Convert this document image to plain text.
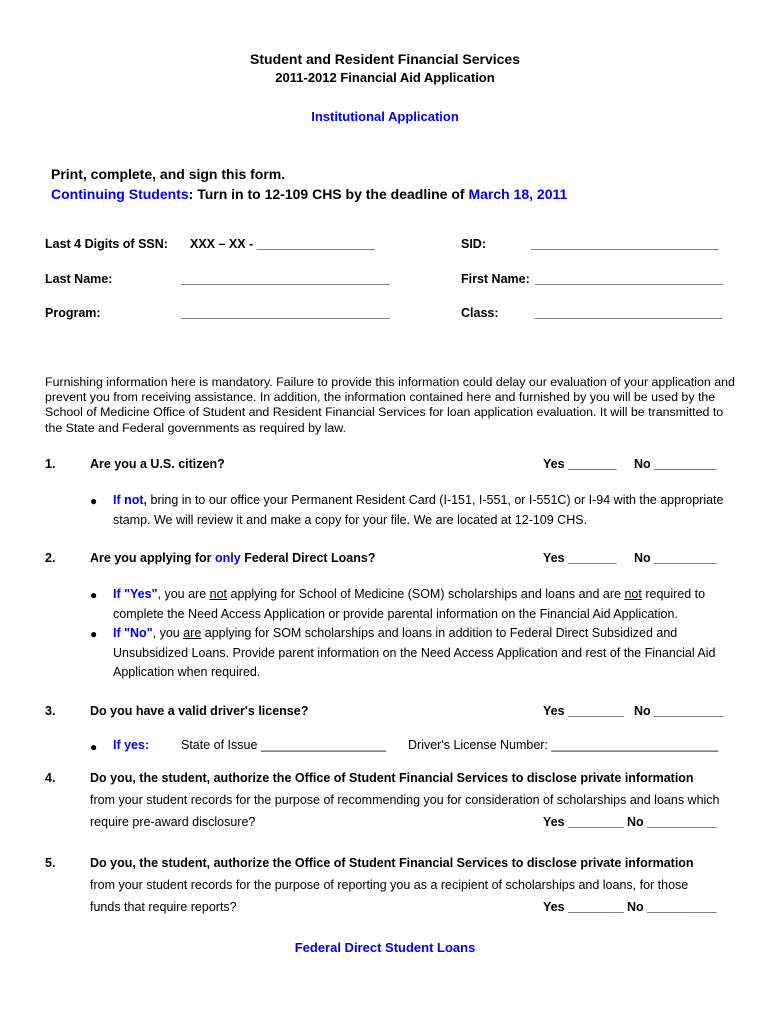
Student and Resident Financial Services
2011-2012 Financial Aid Application
Institutional Application
Print, complete, and sign this form.
Continuing Students: Turn in to 12-109 CHS by the deadline of March 18, 2011
Last 4 Digits of SSN: XXX – XX - _________________	SID:	___________________________
Last Name:	______________________________	First Name: ___________________________
Program:	______________________________	Class:	___________________________
Furnishing information here is mandatory. Failure to provide this information could delay our evaluation of your application and prevent you from receiving assistance. In addition, the information contained here and furnished by you will be used by the School of Medicine Office of Student and Resident Financial Services for loan application evaluation. It will be transmitted to the State and Federal governments as required by law.
1.	Are you a U.S. citizen?	Yes _______ No _________
● If not, bring in to our office your Permanent Resident Card (I-151, I-551, or I-551C) or I-94 with the appropriate stamp. We will review it and make a copy for your file. We are located at 12-109 CHS.
2.	Are you applying for only Federal Direct Loans?	Yes _______ No _________
● If "Yes", you are not applying for School of Medicine (SOM) scholarships and loans and are not required to complete the Need Access Application or provide parental information on the Financial Aid Application.
● If "No", you are applying for SOM scholarships and loans in addition to Federal Direct Subsidized and Unsubsidized Loans. Provide parent information on the Need Access Application and rest of the Financial Aid Application when required.
3.	Do you have a valid driver's license?	Yes ________ No __________
● If yes:	State of Issue __________________ Driver's License Number: ________________________
4.	Do you, the student, authorize the Office of Student Financial Services to disclose private information
from your student records for the purpose of recommending you for consideration of scholarships and loans which
require pre-award disclosure?	Yes ________ No __________
5.	Do you, the student, authorize the Office of Student Financial Services to disclose private information
from your student records for the purpose of reporting you as a recipient of scholarships and loans, for those
funds that require reports?	Yes ________ No __________
Federal Direct Student Loans
